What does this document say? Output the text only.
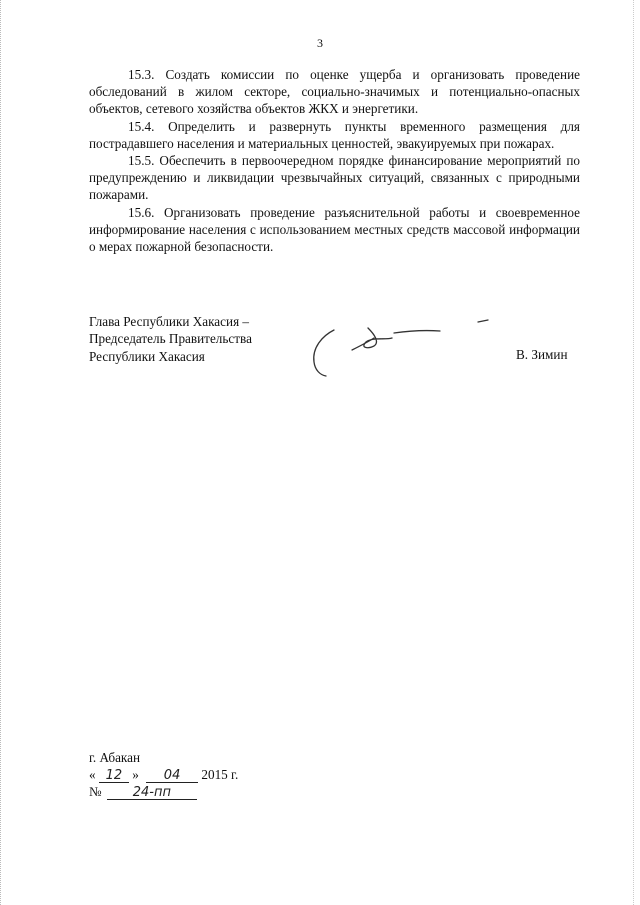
3

15.3. Создать комиссии по оценке ущерба и организовать проведение обследований в жилом секторе, социально-значимых и потенциально-опасных объектов, сетевого хозяйства объектов ЖКХ и энергетики.

15.4. Определить и развернуть пункты временного размещения для пострадавшего населения и материальных ценностей, эвакуируемых при пожарах.

15.5. Обеспечить в первоочередном порядке финансирование мероприятий по предупреждению и ликвидации чрезвычайных ситуаций, связанных с природными пожарами.

15.6. Организовать проведение разъяснительной работы и своевременное информирование населения с использованием местных средств массовой информации о мерах пожарной безопасности.

Глава Республики Хакасия –
Председатель Правительства
Республики Хакасия	В. Зимин
г. Абакан
« 12 » 04 2015 г.
№ 24-пп
